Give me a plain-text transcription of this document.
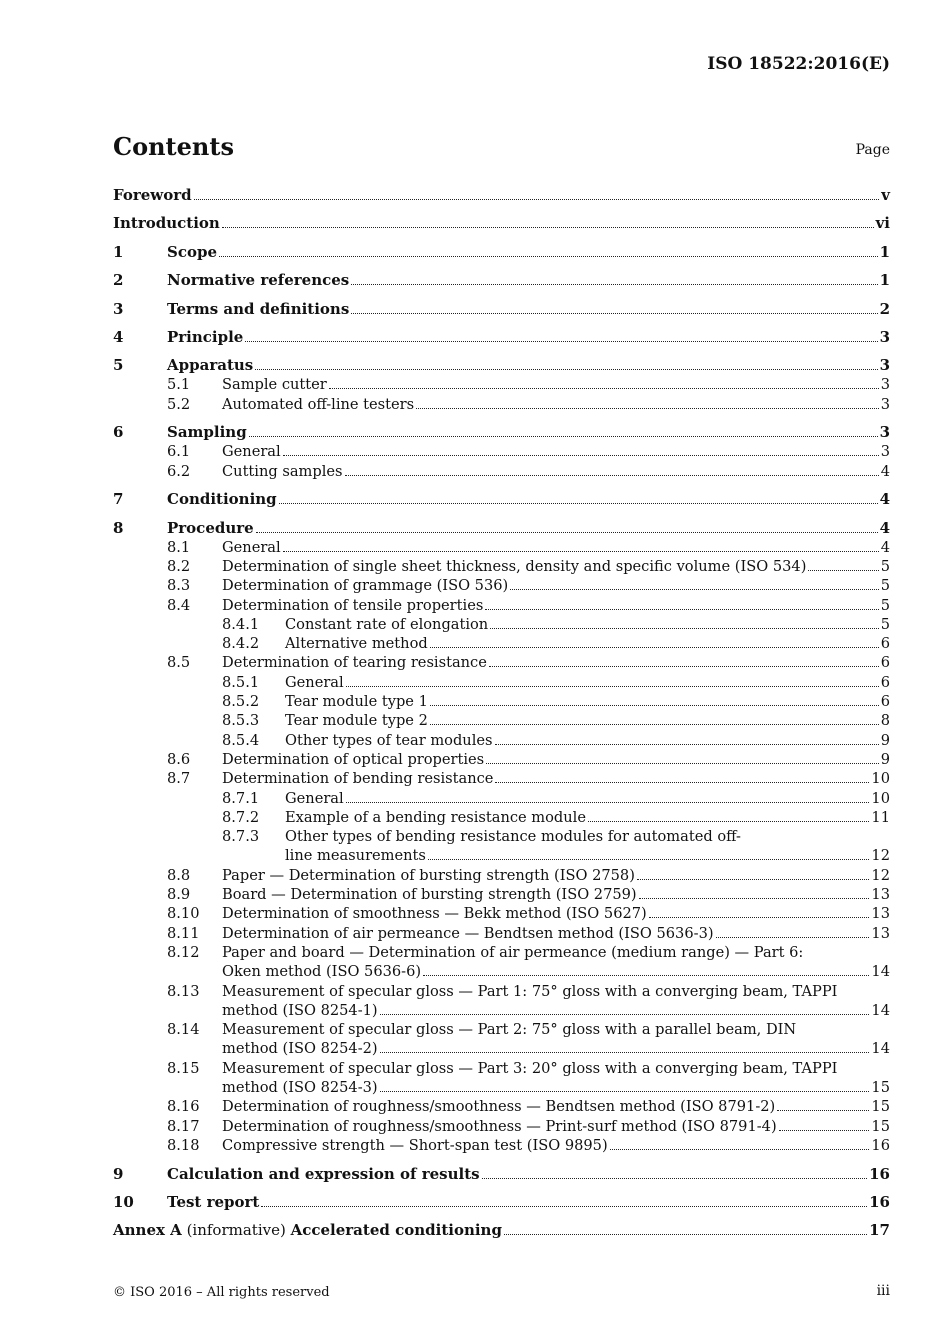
ISO 18522:2016(E)
Contents	Page
Foreword	v
Introduction	vi
1	Scope	1
2	Normative references	1
3	Terms and definitions	2
4	Principle	3
5	Apparatus	3
5.1 Sample cutter	3
5.2 Automated off-line testers	3
6	Sampling	3
6.1 General	3
6.2 Cutting samples	4
7	Conditioning	4
8	Procedure	4
8.1 General	4
8.2 Determination of single sheet thickness, density and specific volume (ISO 534)	5
8.3 Determination of grammage (ISO 536)	5
8.4 Determination of tensile properties	5
8.4.1 Constant rate of elongation	5
8.4.2 Alternative method	6
8.5 Determination of tearing resistance	6
8.5.1 General	6
8.5.2 Tear module type 1	6
8.5.3 Tear module type 2	8
8.5.4 Other types of tear modules	9
8.6 Determination of optical properties	9
8.7 Determination of bending resistance	10
8.7.1 General	10
8.7.2 Example of a bending resistance module	11
8.7.3 Other types of bending resistance modules for automated off-
line measurements	12
8.8 Paper — Determination of bursting strength (ISO 2758)	12
8.9 Board — Determination of bursting strength (ISO 2759)	13
8.10 Determination of smoothness — Bekk method (ISO 5627)	13
8.11 Determination of air permeance — Bendtsen method (ISO 5636-3)	13
8.12 Paper and board — Determination of air permeance (medium range) — Part 6:
Oken method (ISO 5636-6)	14
8.13 Measurement of specular gloss — Part 1: 75° gloss with a converging beam, TAPPI
method (ISO 8254-1)	14
8.14 Measurement of specular gloss — Part 2: 75° gloss with a parallel beam, DIN
method (ISO 8254-2)	14
8.15 Measurement of specular gloss — Part 3: 20° gloss with a converging beam, TAPPI
method (ISO 8254-3)	15
8.16 Determination of roughness/smoothness — Bendtsen method (ISO 8791-2)	15
8.17 Determination of roughness/smoothness — Print-surf method (ISO 8791-4)	15
8.18 Compressive strength — Short-span test (ISO 9895)	16
9	Calculation and expression of results	16
10 Test report	16
Annex A (informative) Accelerated conditioning	17
© ISO 2016 – All rights reserved	iii
